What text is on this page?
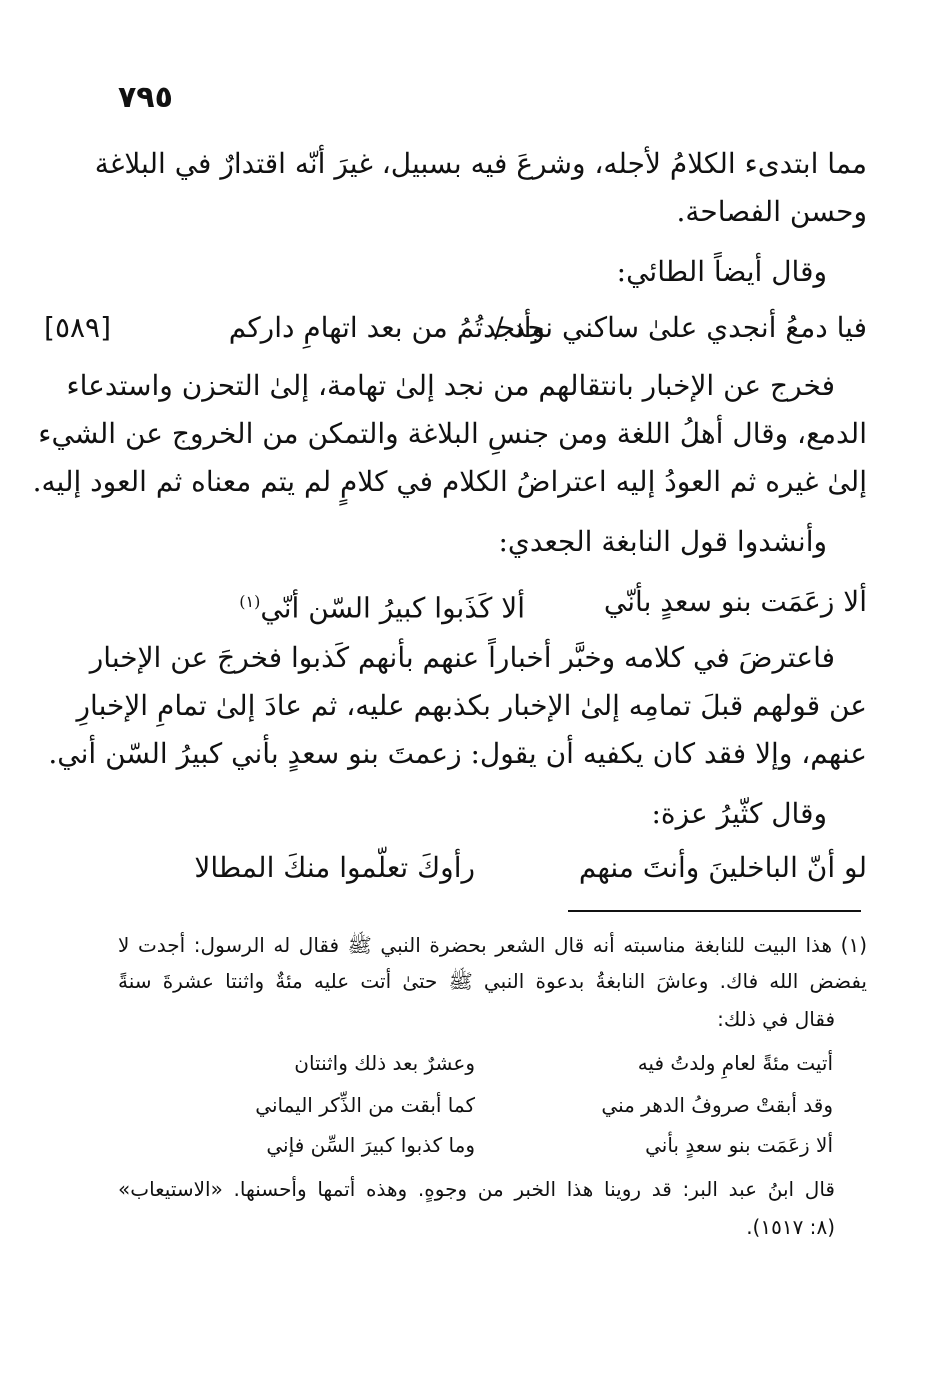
٧٩٥
مما ابتدىء الكلامُ لأجله، وشرعَ فيه بسبيل، غيرَ أنّه اقتدارٌ في البلاغة
وحسن الفصاحة.
وقال أيضاً الطائي:
فيا دمعُ أنجدي علىٰ ساكني نجد /
وأنجدتُمُ من بعد اتهامِ داركم
[٥٨٩]
فخرج عن الإخبار بانتقالهم من نجد إلىٰ تهامة، إلىٰ التحزن واستدعاء
الدمع، وقال أهلُ اللغة ومن جنسِ البلاغة والتمكن من الخروج عن الشيء
إلىٰ غيره ثم العودُ إليه اعتراضُ الكلام في كلامٍ لم يتم معناه ثم العود إليه.
وأنشدوا قول النابغة الجعدي:
ألا زعَمَت بنو سعدٍ بأنّي
ألا كَذَبوا كبيرُ السّن أنّي$^{(١)}$
فاعترضَ في كلامه وخبَّر أخباراً عنهم بأنهم كَذبوا فخرجَ عن الإخبار
عن قولهم قبلَ تمامِه إلىٰ الإخبار بكذبهم عليه، ثم عادَ إلىٰ تمامِ الإخبارِ
عنهم، وإلا فقد كان يكفيه أن يقول: زعمتَ بنو سعدٍ بأني كبيرُ السّن أني.
وقال كثّيرُ عزة:
لو أنّ الباخلينَ وأنتَ منهم
رأوكَ تعلّموا منكَ المطالا
(١) هذا البيت للنابغة مناسبته أنه قال الشعر بحضرة النبي ﷺ فقال له الرسول: أجدت لا
يفضض الله فاك. وعاشَ النابغةُ بدعوة النبي ﷺ حتىٰ أتت عليه مئةٌ واثنتا عشرةَ سنةً
فقال في ذلك:
أتيت مئةً لعامِ ولدتُ فيه
وعشرٌ بعد ذلك واثنتان
وقد أبقتْ صروفُ الدهر مني
كما أبقت من الذِّكر اليماني
ألا زعَمَت بنو سعدٍ بأني
وما كذبوا كبيرَ السِّن فإني
قال ابنُ عبد البر: قد روينا هذا الخبر من وجوهٍ. وهذه أتمها وأحسنها. «الاستيعاب»
(٨: ١٥١٧).
